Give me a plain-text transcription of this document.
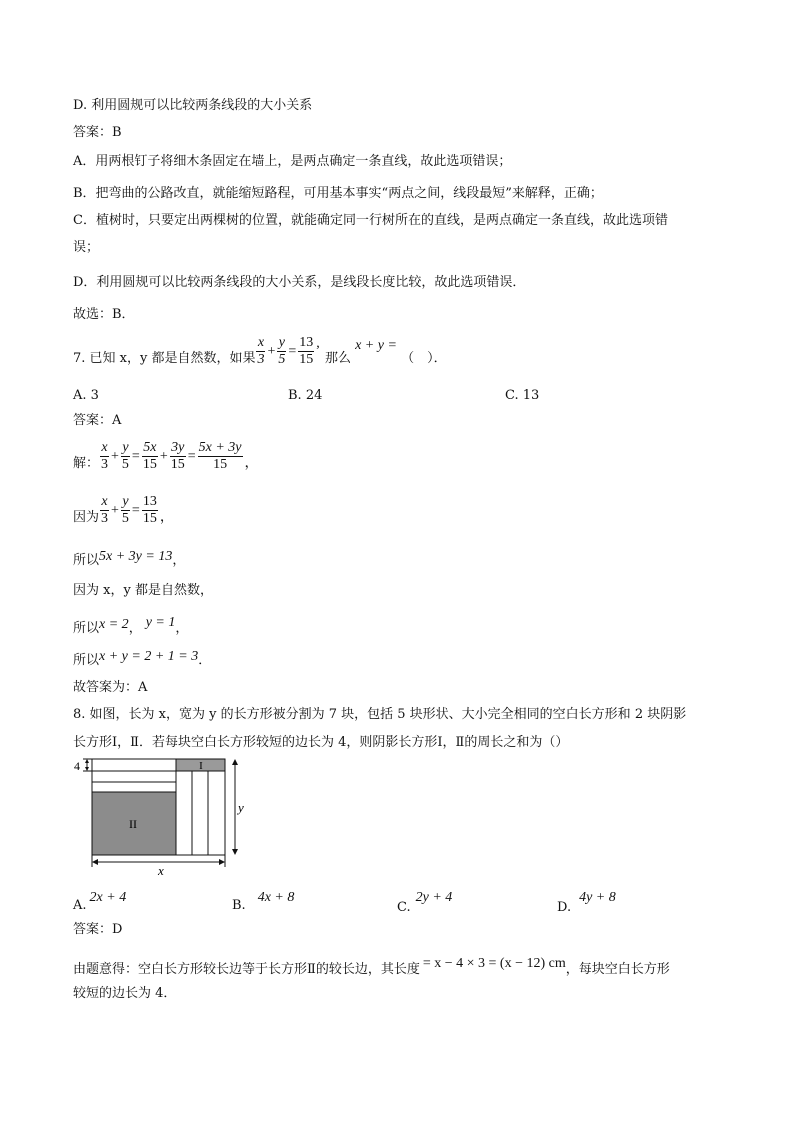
D. 利用圆规可以比较两条线段的大小关系
答案：B
A．用两根钉子将细木条固定在墙上，是两点确定一条直线，故此选项错误；
B．把弯曲的公路改直，就能缩短路程，可用基本事实“两点之间，线段最短”来解释，正确；
C．植树时，只要定出两棵树的位置，就能确定同一行树所在的直线，是两点确定一条直线，故此选项错
误；
D．利用圆规可以比较两条线段的大小关系，是线段长度比较，故此选项错误．
故选：B．
7. 已知 x，y 都是自然数，如果 $\frac{x}{3} + \frac{y}{5} = \frac{13}{15}$ , 那么 x + y = （　）．
A. 3	B. 24	C. 13
答案：A
解： $\frac{x}{3} + \frac{y}{5} = \frac{5x}{15} + \frac{3y}{15} = \frac{5x + 3y}{15}$ ，
因为 $\frac{x}{3} + \frac{y}{5} = \frac{13}{15}$ ，
所以5x + 3y = 13，
因为 x，y 都是自然数，
所以x = 2， y = 1，
所以x + y = 2 + 1 = 3．
故答案为：A
8. 如图，长为 x，宽为 y 的长方形被分割为 7 块，包括 5 块形状、大小完全相同的空白长方形和 2 块阴影
长方形Ⅰ，Ⅱ．若每块空白长方形较短的边长为 4，则阴影长方形Ⅰ，Ⅱ的周长之和为（）
I
II
4
y
x
A.2x + 4
B.4x + 8
C.2y + 4
D.4y + 8
答案：D
由题意得：空白长方形较长边等于长方形Ⅱ的较长边，其长度 = x − 4 × 3 = (x − 12) cm，每块空白长方形
较短的边长为 4．
